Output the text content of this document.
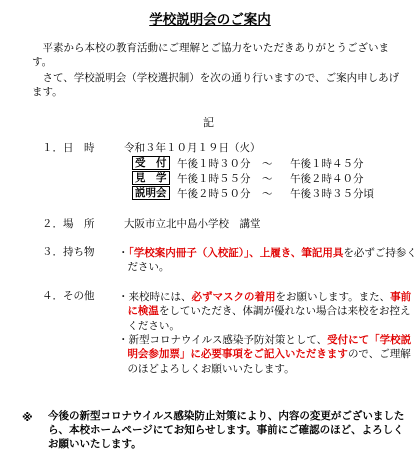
学校説明会のご案内
平素から本校の教育活動にご理解とご協力をいただきありがとうございます。
さて、学校説明会（学校選択制）を次の通り行いますので、ご案内申しあげます。
記
１．日　時	令和３年１０月１９日（火）
受　付 午後１時３０分 ～ 午後１時４５分
見　学 午後１時５５分 ～ 午後２時４０分
説明会 午後２時５０分 ～ 午後３時３５分頃
２．場　所	大阪市立北中島小学校　講堂
３．持ち物 ・「学校案内冊子（入校証）」、上履き、筆記用具を必ずご持参ください。
４．その他 ・来校時には、必ずマスクの着用をお願いします。また、事前に検温をしていただき、体調が優れない場合は来校をお控えください。
・新型コロナウイルス感染予防対策として、受付にて「学校説明会参加票」に必要事項をご記入いただきますので、ご理解のほどよろしくお願いいたします。
※ 今後の新型コロナウイルス感染防止対策により、内容の変更がございましたら、本校ホームページにてお知らせします。事前にご確認のほど、よろしくお願いいたします。
